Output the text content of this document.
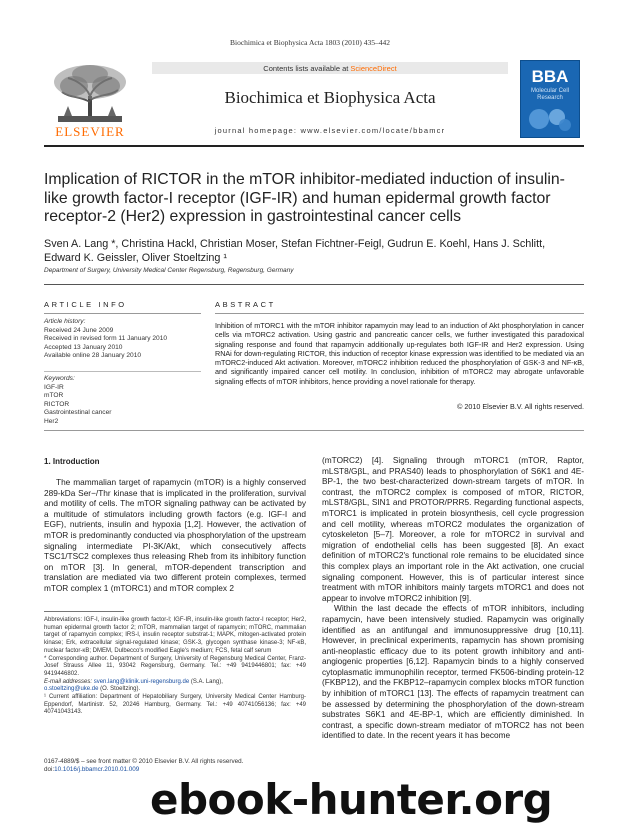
Biochimica et Biophysica Acta 1803 (2010) 435–442
ELSEVIER
Contents lists available at ScienceDirect
Biochimica et Biophysica Acta
journal homepage: www.elsevier.com/locate/bbamcr
BBA
Molecular Cell Research
Implication of RICTOR in the mTOR inhibitor-mediated induction of insulin-like growth factor-I receptor (IGF-IR) and human epidermal growth factor receptor-2 (Her2) expression in gastrointestinal cancer cells
Sven A. Lang *, Christina Hackl, Christian Moser, Stefan Fichtner-Feigl, Gudrun E. Koehl, Hans J. Schlitt,
Edward K. Geissler, Oliver Stoeltzing ¹
Department of Surgery, University Medical Center Regensburg, Regensburg, Germany
ARTICLE INFO
Article history:
Received 24 June 2009
Received in revised form 11 January 2010
Accepted 13 January 2010
Available online 28 January 2010
Keywords:
IGF-IR
mTOR
RICTOR
Gastrointestinal cancer
Her2
ABSTRACT
Inhibition of mTORC1 with the mTOR inhibitor rapamycin may lead to an induction of Akt phosphorylation in cancer cells via mTORC2 activation. Using gastric and pancreatic cancer cells, we further investigated this paradoxical signaling response and found that rapamycin additionally up-regulates both IGF-IR and Her2 expression. Using RNAi for down-regulating RICTOR, this induction of receptor kinase expression was identified to be mediated via an mTORC2-induced Akt activation. Moreover, mTORC2 inhibition reduced the phosphorylation of GSK-3 and NF-κB, and significantly impaired cancer cell motility. In conclusion, inhibition of mTORC2 may abrogate unfavorable signaling effects of mTOR inhibitors, hence providing a novel rationale for therapy.
© 2010 Elsevier B.V. All rights reserved.
1. Introduction

The mammalian target of rapamycin (mTOR) is a highly conserved 289-kDa Ser−/Thr kinase that is implicated in the proliferation, survival and motility of cells. The mTOR signaling pathway can be activated by a multitude of stimulators including growth factors (e.g. IGF-I and EGF), nutrients, insulin and hypoxia [1,2]. However, the activation of mTOR is predominantly conducted via phosphorylation of the upstream signaling intermediate PI-3K/Akt, which consecutively affects TSC1/TSC2 complexes thus releasing Rheb from its inhibitory function on mTOR [3]. In general, mTOR-dependent transcription and translation are mediated via two different protein complexes, termed mTOR complex 1 (mTORC1) and mTOR complex 2

(mTORC2) [4]. Signaling through mTORC1 (mTOR, Raptor, mLST8/GβL, and PRAS40) leads to phosphorylation of S6K1 and 4E-BP-1, the two best-characterized down-stream targets of mTOR. In contrast, the mTORC2 complex is composed of mTOR, RICTOR, mLST8/GβL, SIN1 and PROTOR/PRR5. Regarding functional aspects, mTORC1 is implicated in protein biosynthesis, cell cycle progression and cell motility, whereas mTORC2 modulates the organization of cytoskeleton [5–7]. Moreover, a role for mTORC2 in survival and migration of endothelial cells has been suggested [8]. An exact definition of mTORC2's functional role remains to be elucidated since this complex plays an important role in the Akt activation, one crucial signaling component. However, this is of particular interest since treatment with mTOR inhibitors mainly targets mTORC1 and does not appear to involve mTORC2 inhibition [9].

Within the last decade the effects of mTOR inhibitors, including rapamycin, have been intensively studied. Rapamycin was originally identified as an antifungal and immunosuppressive drug [10,11]. However, in preclinical experiments, rapamycin has shown promising anti-neoplastic efficacy due to its potent growth inhibitory and anti-angiogenic properties [6,12]. Rapamycin binds to a highly conserved cytoplasmatic immunophilin receptor, termed FK506-binding protein-12 (FKBP12), and the FKBP12–rapamycin complex blocks mTOR function by inhibition of mTORC1 [13]. The effects of rapamycin treatment can be assessed by determining the phosphorylation of the down-stream substrates S6K1 and 4E-BP-1, which are efficiently diminished. In contrast, a specific down-stream mediator of mTORC2 has not been identified to date. In the recent years it has become

Abbreviations: IGF-I, insulin-like growth factor-I; IGF-IR, insulin-like growth factor-I receptor; Her2, human epidermal growth factor 2; mTOR, mammalian target of rapamycin; mTORC, mammalian target of rapamycin complex; IRS-I, insulin receptor substrat-1; MAPK, mitogen-activated protein kinase; Erk, extracellular signal-regulated kinase; GSK-3, glycogen synthase kinase-3; NF-κB, nuclear factor-κB; DMEM, Dulbecco's modified Eagle's medium; FCS, fetal calf serum

* Corresponding author. Department of Surgery, University of Regensburg Medical Center, Franz-Josef Strauss Allee 11, 93042 Regensburg, Germany. Tel.: +49 9419446801; fax: +49 9419446802.

E-mail addresses: sven.lang@klinik.uni-regensburg.de (S.A. Lang),
o.stoeltzing@uke.de (O. Stoeltzing).

¹ Current affiliation: Department of Hepatobiliary Surgery, University Medical Center Hamburg-Eppendorf, Martinistr. 52, 20246 Hamburg, Germany. Tel.: +49 40741056136; fax: +49 40741043143.

0167-4889/$ – see front matter © 2010 Elsevier B.V. All rights reserved.
doi:10.1016/j.bbamcr.2010.01.009
ebook-hunter.org
